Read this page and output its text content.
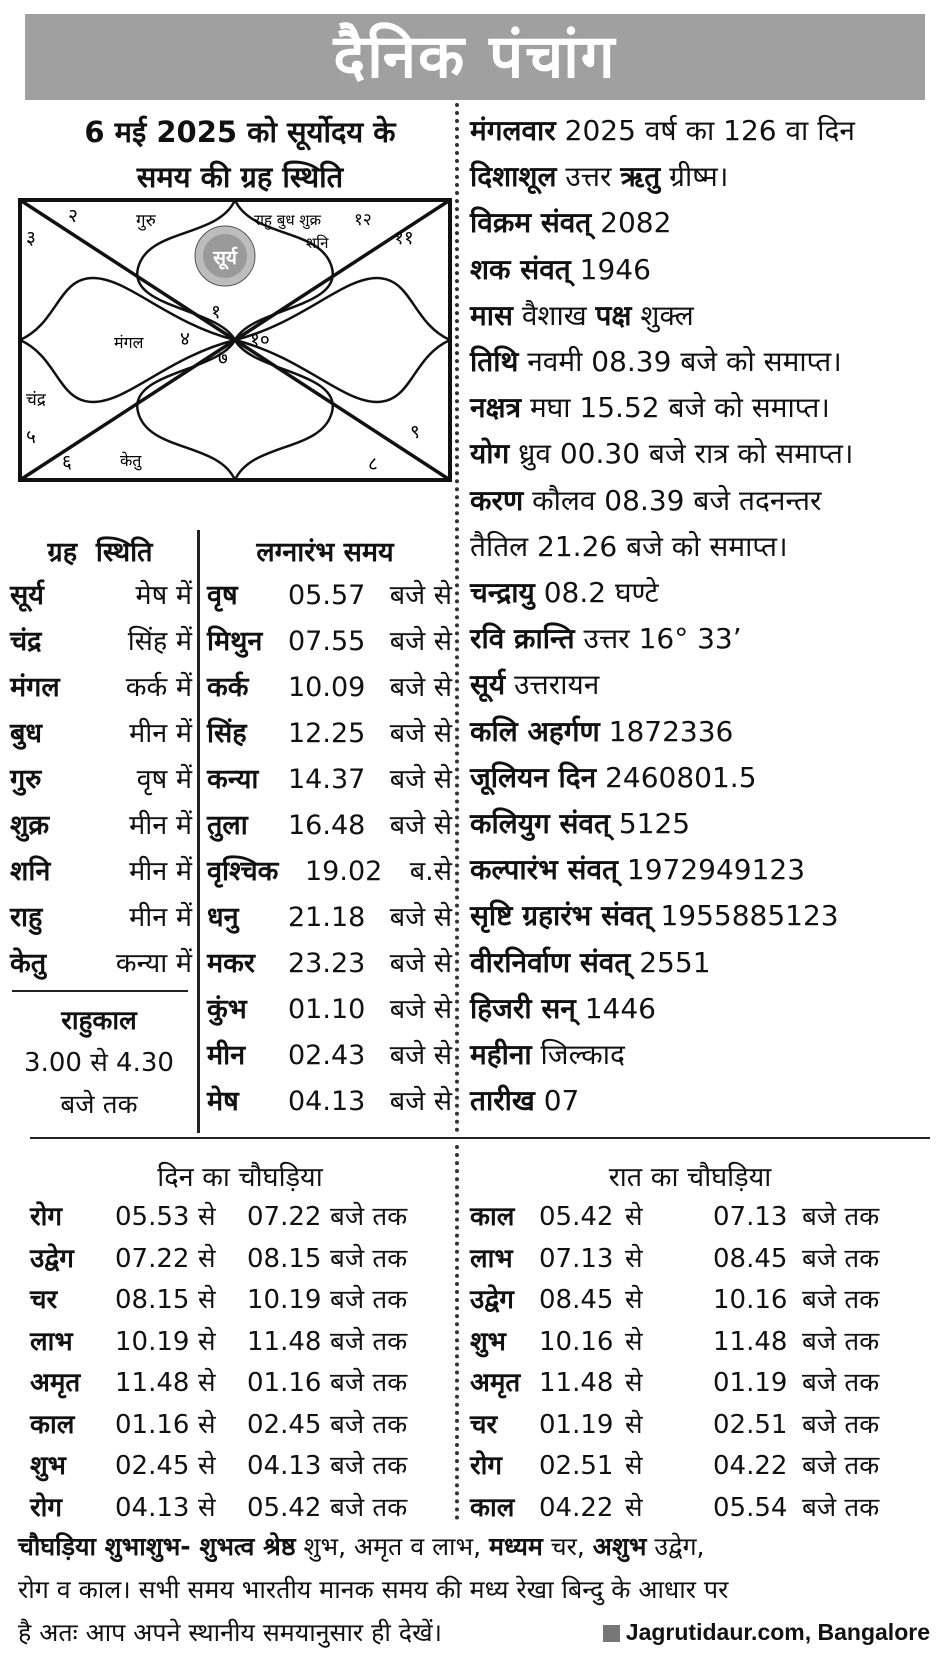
दैनिक पंचांग
6 मई 2025 को सूर्योदय के
समय की ग्रह स्थिति
सूर्य
२	गुरु
३
राहु बुध शुक्र १२
शनि	११
१
मंगल ४	१०
७
चंद्र
५
६	केतु
९
८
मंगलवार 2025 वर्ष का 126 वा दिन
दिशाशूल उत्तर ऋतु ग्रीष्म।
विक्रम संवत् 2082
शक संवत् 1946
मास वैशाख पक्ष शुक्ल
तिथि नवमी 08.39 बजे को समाप्त।
नक्षत्र मघा 15.52 बजे को समाप्त।
योग ध्रुव 00.30 बजे रात्र को समाप्त।
करण कौलव 08.39 बजे तदनन्तर
तैतिल 21.26 बजे को समाप्त।
चन्द्रायु 08.2 घण्टे
रवि क्रान्ति उत्तर 16° 33’
सूर्य उत्तरायन
कलि अहर्गण 1872336
जूलियन दिन 2460801.5
कलियुग संवत् 5125
कल्पारंभ संवत् 1972949123
सृष्टि ग्रहारंभ संवत् 1955885123
वीरनिर्वाण संवत् 2551
हिजरी सन् 1446
महीना जिल्काद
तारीख 07
ग्रह  स्थिति
सूर्य	मेष में
चंद्र	सिंह में
मंगल कर्क में
बुध	मीन में
गुरु	वृष में
शुक्र	मीन में
शनि	मीन में
राहु	मीन में
केतु	कन्या में
राहुकाल
3.00 से 4.30
बजे तक
लग्नारंभ समय
वृष 05.57 बजे से
मिथुन 07.55 बजे से
कर्क 10.09 बजे से
सिंह 12.25 बजे से
कन्या 14.37 बजे से
तुला 16.48 बजे से
वृश्चिक 19.02 ब.से
धनु 21.18 बजे से
मकर 23.23 बजे से
कुंभ 01.10 बजे से
मीन 02.43 बजे से
मेष 04.13 बजे से
दिन का चौघड़िया
रोग 05.53 से 07.22 बजे तक
उद्वेग 07.22 से 08.15 बजे तक
चर 08.15 से 10.19 बजे तक
लाभ 10.19 से 11.48 बजे तक
अमृत 11.48 से 01.16 बजे तक
काल 01.16 से 02.45 बजे तक
शुभ 02.45 से 04.13 बजे तक
रोग 04.13 से 05.42 बजे तक
रात का चौघड़िया
काल 05.42 से	07.13 बजे तक
लाभ 07.13 से	08.45 बजे तक
उद्वेग 08.45 से	10.16 बजे तक
शुभ 10.16 से	11.48 बजे तक
अमृत 11.48 से	01.19 बजे तक
चर 01.19 से	02.51 बजे तक
रोग 02.51 से	04.22 बजे तक
काल 04.22 से	05.54 बजे तक
चौघड़िया शुभाशुभ- शुभत्व श्रेष्ठ शुभ, अमृत व लाभ, मध्यम चर, अशुभ उद्वेग,
रोग व काल। सभी समय भारतीय मानक समय की मध्य रेखा बिन्दु के आधार पर
है अतः आप अपने स्थानीय समयानुसार ही देखें।	Jagrutidaur.com, Bangalore
